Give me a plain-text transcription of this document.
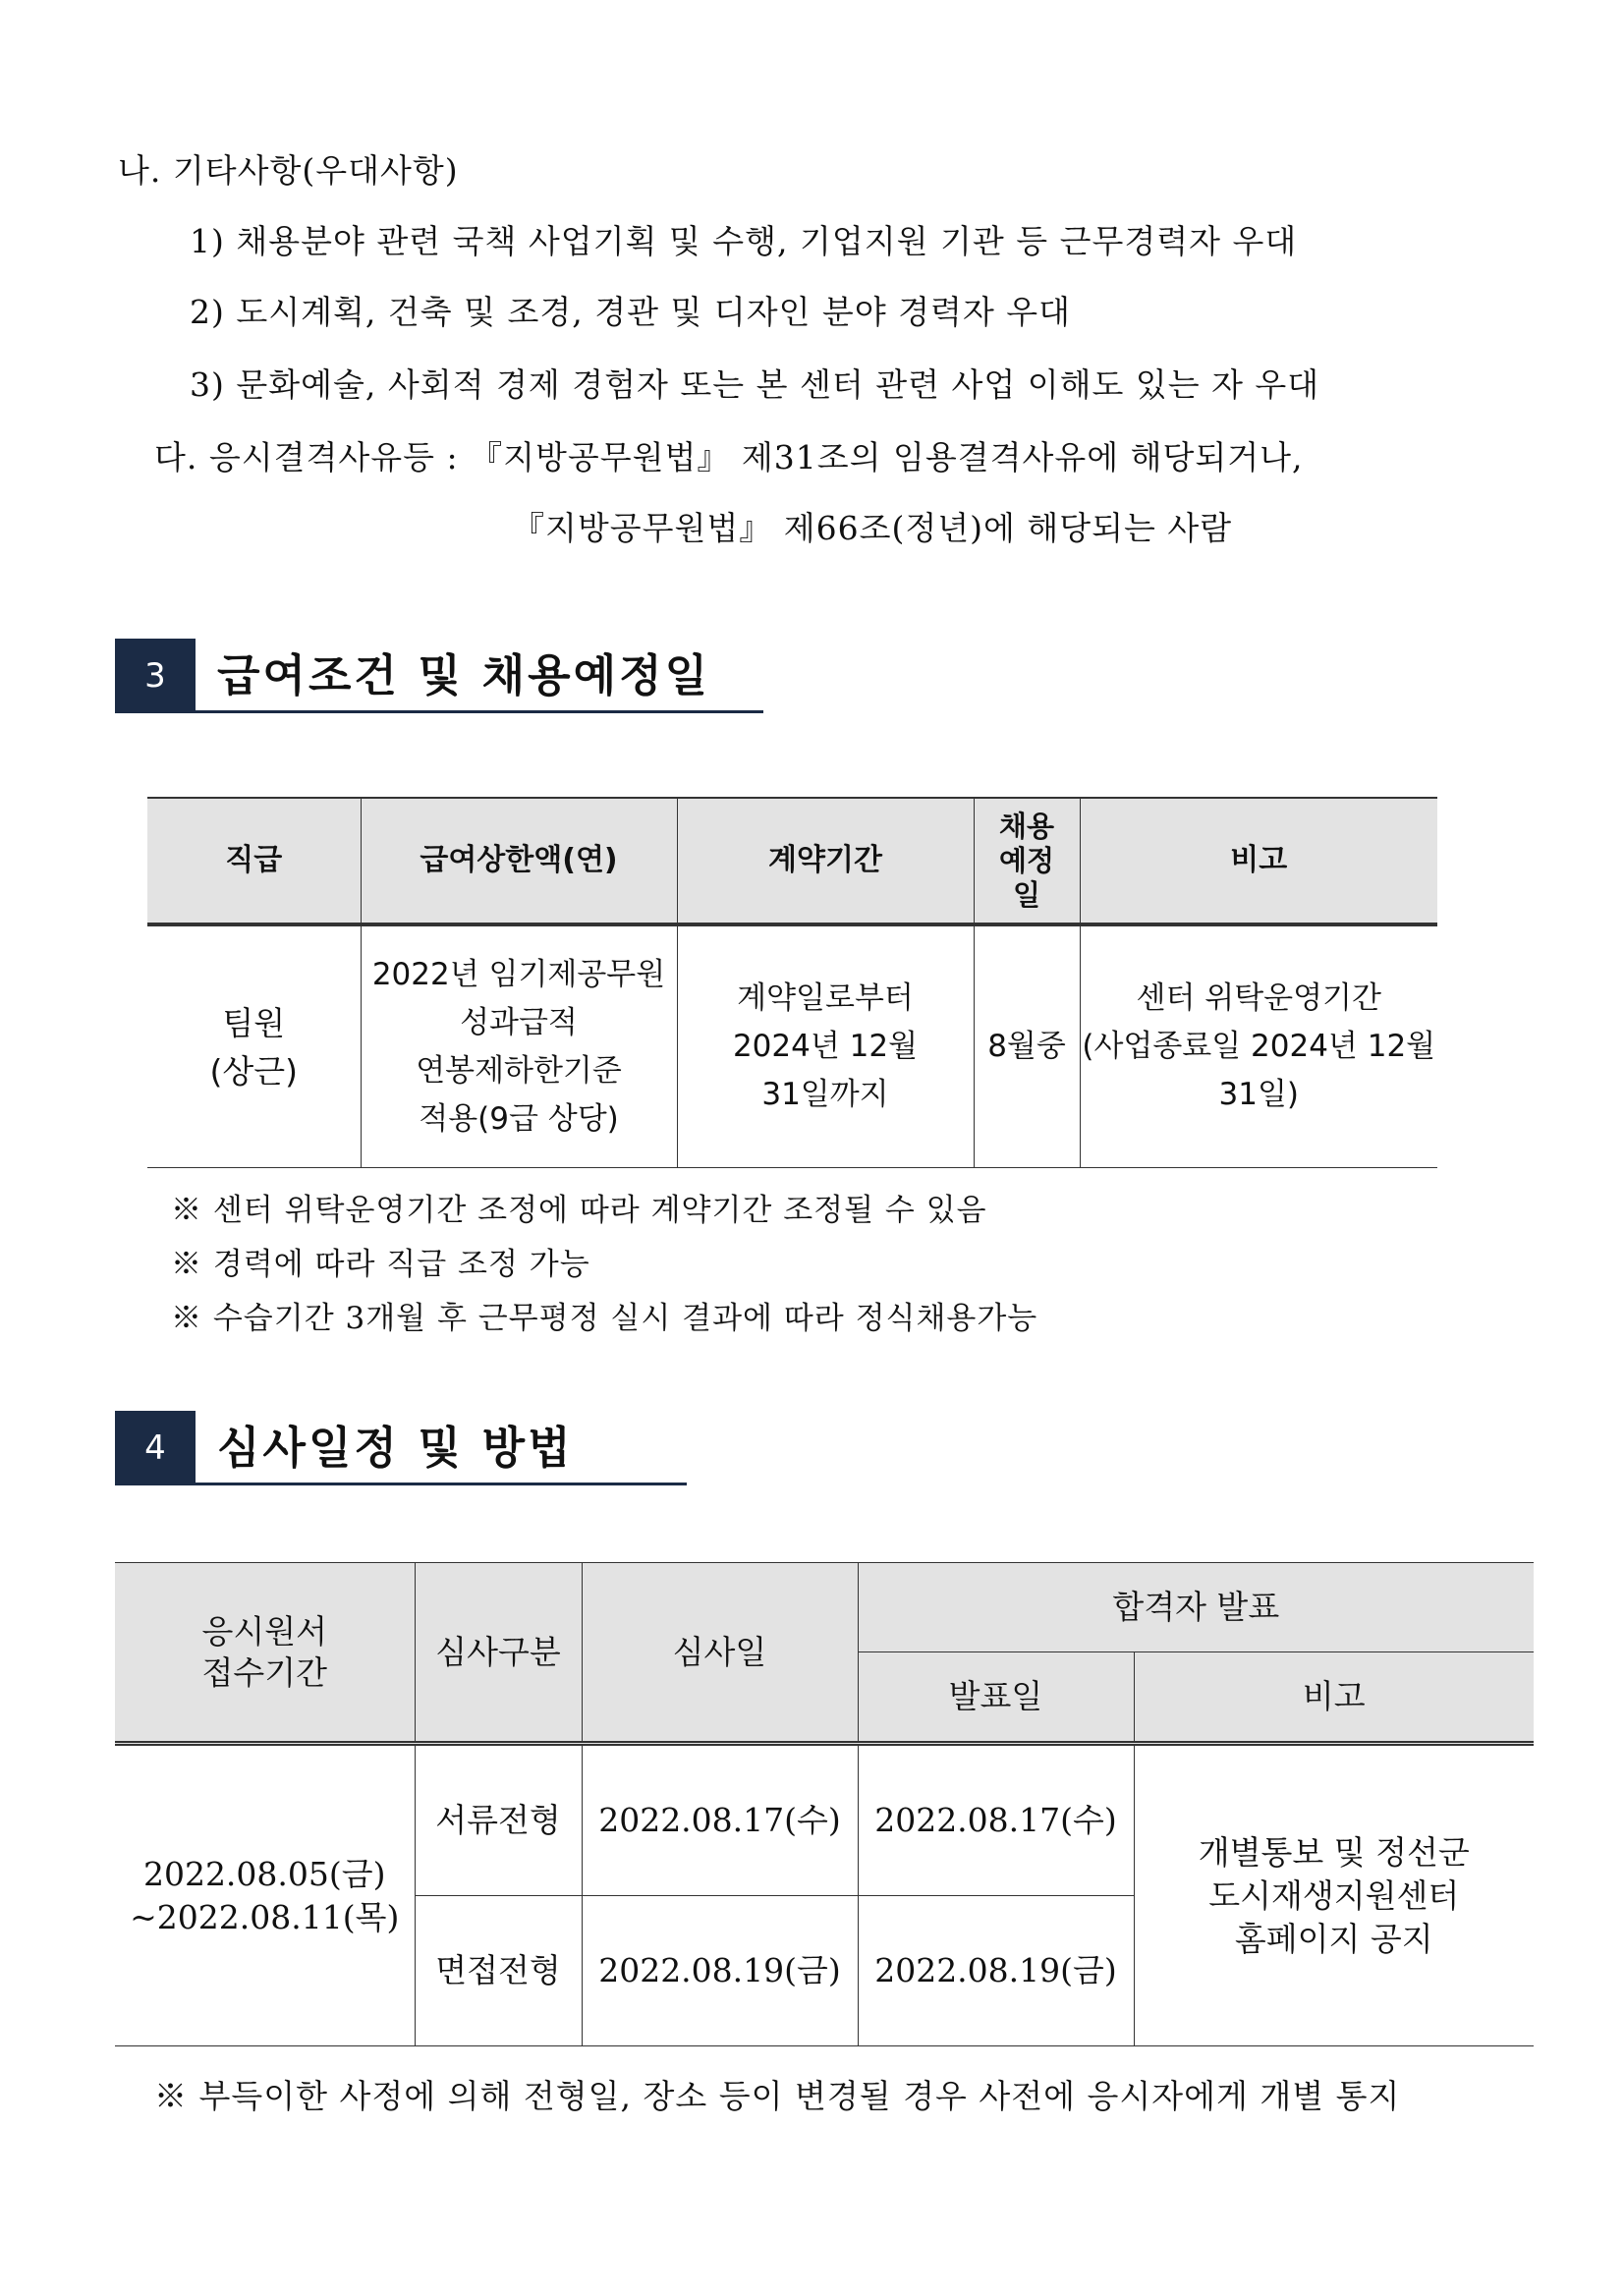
나. 기타사항(우대사항)
1) 채용분야 관련 국책 사업기획 및 수행, 기업지원 기관 등 근무경력자 우대
2) 도시계획, 건축 및 조경, 경관 및 디자인 분야 경력자 우대
3) 문화예술, 사회적 경제 경험자 또는 본 센터 관련 사업 이해도 있는 자 우대
다. 응시결격사유등 : 『지방공무원법』 제31조의 임용결격사유에 해당되거나,
『지방공무원법』 제66조(정년)에 해당되는 사람
3	급여조건 및 채용예정일
직급	급여상한액(연)	계약기간	채용
예정
일	비고
팀원
(상근)	2022년 임기제공무원
성과급적
연봉제하한기준
적용(9급 상당)	계약일로부터
2024년 12월
31일까지	8월중	센터 위탁운영기간
(사업종료일 2024년 12월
31일)
※ 센터 위탁운영기간 조정에 따라 계약기간 조정될 수 있음
※ 경력에 따라 직급 조정 가능
※ 수습기간 3개월 후 근무평정 실시 결과에 따라 정식채용가능
4	심사일정 및 방법
응시원서
접수기간	심사구분	심사일	합격자 발표	
			발표일	비고
2022.08.05(금)
~2022.08.11(목)	서류전형	2022.08.17(수)	2022.08.17(수)	개별통보 및 정선군
도시재생지원센터
홈페이지 공지
	면접전형	2022.08.19(금)	2022.08.19(금)	
※ 부득이한 사정에 의해 전형일, 장소 등이 변경될 경우 사전에 응시자에게 개별 통지
